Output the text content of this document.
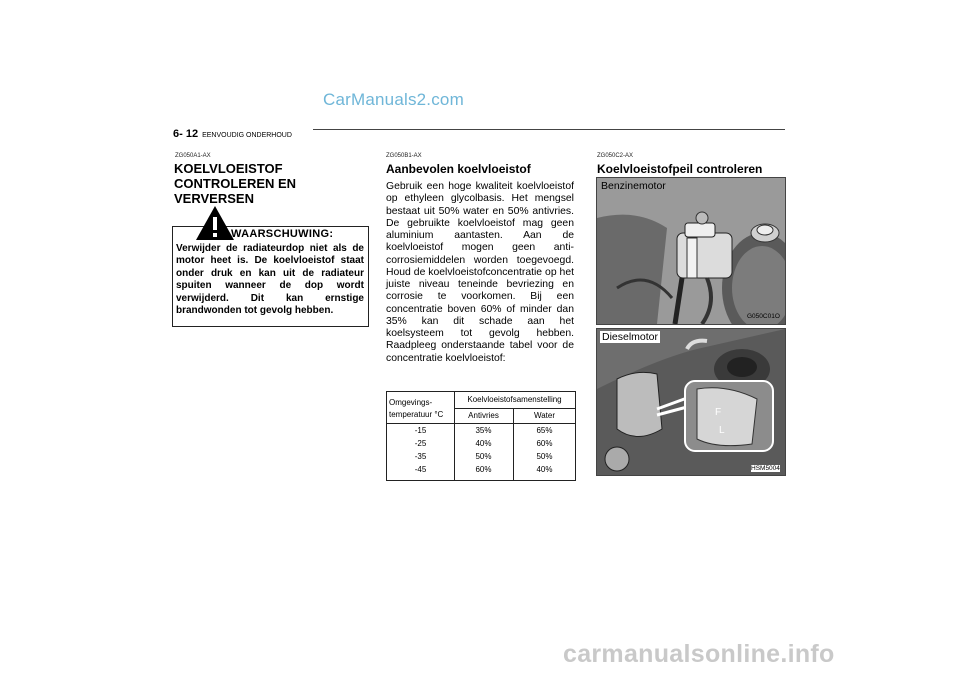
CarManuals2.com
carmanualsonline.info
6- 12 EENVOUDIG ONDERHOUD
ZG050A1-AX
KOELVLOEISTOF
CONTROLEREN EN
VERVERSEN
WAARSCHUWING:
Verwijder de radiateurdop niet als de motor heet is. De koelvloeistof staat onder druk en kan uit de radiateur spuiten wanneer de dop wordt verwijderd. Dit kan ernstige brandwonden tot gevolg hebben.
ZG050B1-AX
Aanbevolen koelvloeistof
Gebruik een hoge kwaliteit koelvloeistof op ethyleen glycolbasis. Het mengsel bestaat uit 50% water en 50% antivries. De gebruikte koelvloeistof mag geen aluminium aantasten. Aan de koelvloeistof mogen geen anti-corrosiemiddelen worden toegevoegd. Houd de koelvloeistofconcentratie op het juiste niveau teneinde bevriezing en corrosie te voorkomen. Bij een concentratie boven 60% of minder dan 35% kan dit schade aan het koelsysteem tot gevolg hebben. Raadpleeg onderstaande tabel voor de concentratie koelvloeistof:
Omgevings-
temperatuur °C
Koelvloeistofsamenstelling
Antivries	Water
-15	35%	65%
-25	40%	60%
-35	50%	50%
-45	60%	40%
ZG050C2-AX
Koelvloeistofpeil controleren
Benzinemotor
G050C01O
F
L
Dieselmotor
HSM5004
